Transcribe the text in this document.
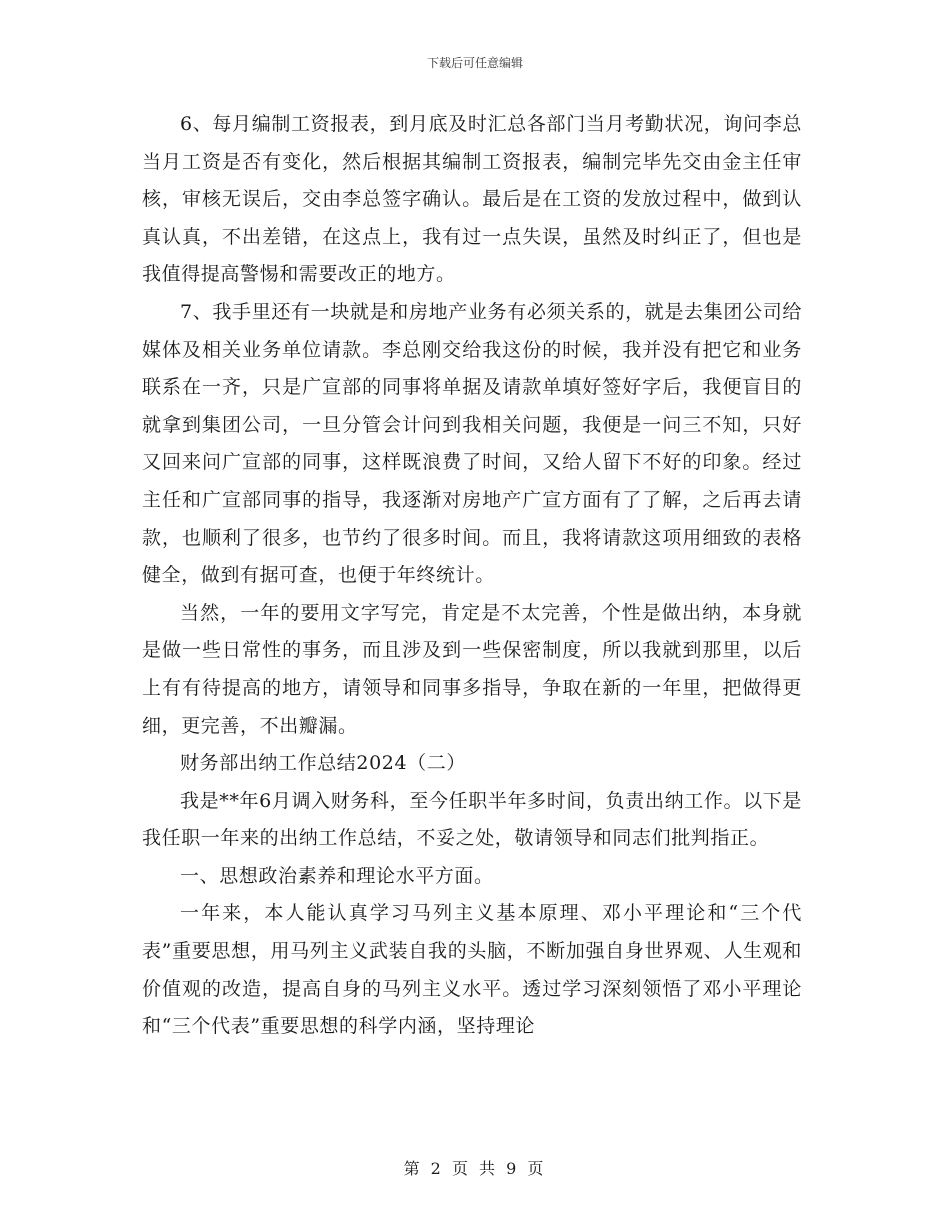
下载后可任意编辑

6、每月编制工资报表，到月底及时汇总各部门当月考勤状况，询问李总当月工资是否有变化，然后根据其编制工资报表，编制完毕先交由金主任审核，审核无误后，交由李总签字确认。最后是在工资的发放过程中，做到认真认真，不出差错，在这点上，我有过一点失误，虽然及时纠正了，但也是我值得提高警惕和需要改正的地方。

7、我手里还有一块就是和房地产业务有必须关系的，就是去集团公司给媒体及相关业务单位请款。李总刚交给我这份的时候，我并没有把它和业务联系在一齐，只是广宣部的同事将单据及请款单填好签好字后，我便盲目的就拿到集团公司，一旦分管会计问到我相关问题，我便是一问三不知，只好又回来问广宣部的同事，这样既浪费了时间，又给人留下不好的印象。经过主任和广宣部同事的指导，我逐渐对房地产广宣方面有了了解，之后再去请款，也顺利了很多，也节约了很多时间。而且，我将请款这项用细致的表格健全，做到有据可查，也便于年终统计。

当然，一年的要用文字写完，肯定是不太完善，个性是做出纳，本身就是做一些日常性的事务，而且涉及到一些保密制度，所以我就到那里，以后上有有待提高的地方，请领导和同事多指导，争取在新的一年里，把做得更细，更完善，不出瓣漏。

财务部出纳工作总结2024（二）

我是**年6月调入财务科，至今任职半年多时间，负责出纳工作。以下是我任职一年来的出纳工作总结，不妥之处，敬请领导和同志们批判指正。

一、思想政治素养和理论水平方面。

一年来，本人能认真学习马列主义基本原理、邓小平理论和“三个代表”重要思想，用马列主义武装自我的头脑，不断加强自身世界观、人生观和价值观的改造，提高自身的马列主义水平。透过学习深刻领悟了邓小平理论和“三个代表”重要思想的科学内涵，坚持理论

第 2 页 共 9 页
